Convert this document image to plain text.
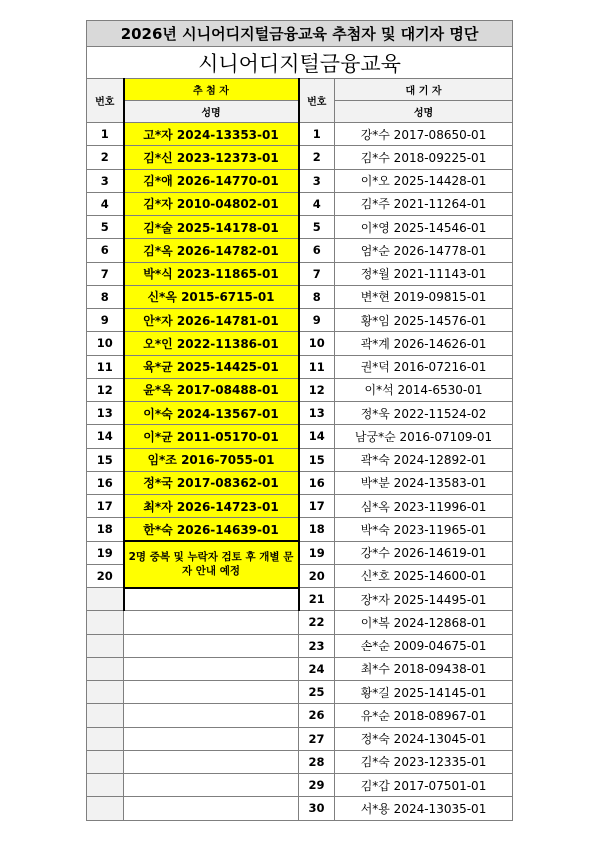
2026년 시니어디지털금융교육 추첨자 및 대기자 명단			
시니어디지털금융교육			
번호	추 첨 자	번호	대 기 자
	성명		성명
1	고*자 2024-13353-01	1	강*수 2017-08650-01
2	김*신 2023-12373-01	2	김*수 2018-09225-01
3	김*애 2026-14770-01	3	이*오 2025-14428-01
4	김*자 2010-04802-01	4	김*주 2021-11264-01
5	김*술 2025-14178-01	5	이*영 2025-14546-01
6	김*옥 2026-14782-01	6	엄*순 2026-14778-01
7	박*식 2023-11865-01	7	정*월 2021-11143-01
8	신*옥 2015-6715-01	8	변*현 2019-09815-01
9	안*자 2026-14781-01	9	황*임 2025-14576-01
10	오*인 2022-11386-01	10	곽*계 2026-14626-01
11	육*균 2025-14425-01	11	권*덕 2016-07216-01
12	윤*옥 2017-08488-01	12	이*석 2014-6530-01
13	이*숙 2024-13567-01	13	정*욱 2022-11524-02
14	이*균 2011-05170-01	14	남궁*순 2016-07109-01
15	임*조 2016-7055-01	15	곽*숙 2024-12892-01
16	정*국 2017-08362-01	16	박*분 2024-13583-01
17	최*자 2026-14723-01	17	심*옥 2023-11996-01
18	한*숙 2026-14639-01	18	박*숙 2023-11965-01
19	2명 중복 및 누락자 검토 후 개별 문자 안내 예정	19	강*수 2026-14619-01
20		20	신*호 2025-14600-01
		21	장*자 2025-14495-01
		22	이*복 2024-12868-01
		23	손*순 2009-04675-01
		24	최*수 2018-09438-01
		25	황*길 2025-14145-01
		26	유*순 2018-08967-01
		27	정*숙 2024-13045-01
		28	김*숙 2023-12335-01
		29	김*갑 2017-07501-01
		30	서*용 2024-13035-01
